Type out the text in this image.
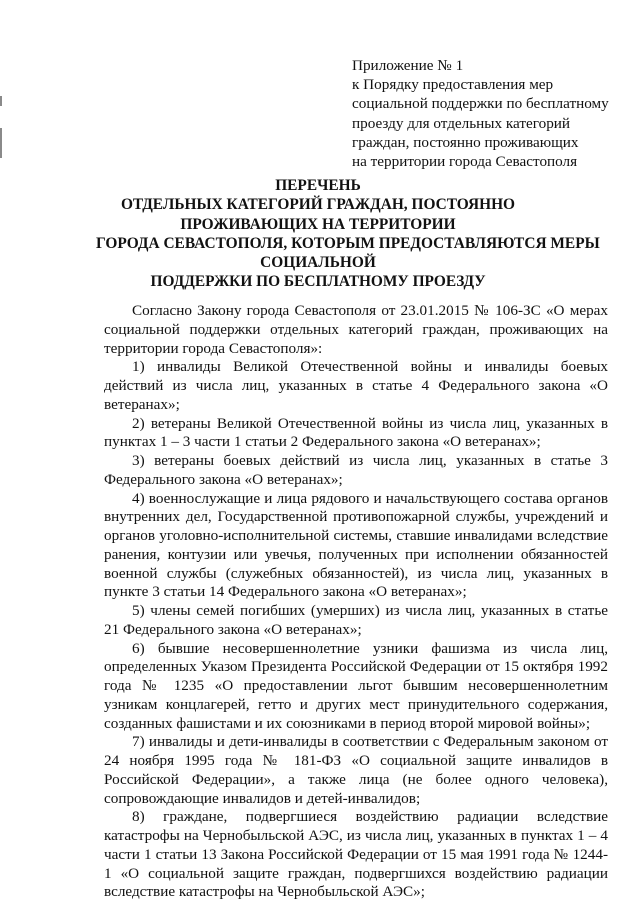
Приложение № 1
к Порядку предоставления мер
социальной поддержки по бесплатному
проезду для отдельных категорий
граждан, постоянно проживающих
на территории города Севастополя
ПЕРЕЧЕНЬ
ОТДЕЛЬНЫХ КАТЕГОРИЙ ГРАЖДАН, ПОСТОЯННО
ПРОЖИВАЮЩИХ НА ТЕРРИТОРИИ
ГОРОДА СЕВАСТОПОЛЯ, КОТОРЫМ ПРЕДОСТАВЛЯЮТСЯ МЕРЫ
СОЦИАЛЬНОЙ
ПОДДЕРЖКИ ПО БЕСПЛАТНОМУ ПРОЕЗДУ

Согласно Закону города Севастополя от 23.01.2015 № 106-ЗС «О мерах социальной поддержки отдельных категорий граждан, проживающих на территории города Севастополя»:

1) инвалиды Великой Отечественной войны и инвалиды боевых действий из числа лиц, указанных в статье 4 Федерального закона «О ветеранах»;

2) ветераны Великой Отечественной войны из числа лиц, указанных в пунктах 1 – 3 части 1 статьи 2 Федерального закона «О ветеранах»;

3) ветераны боевых действий из числа лиц, указанных в статье 3 Федерального закона «О ветеранах»;

4) военнослужащие и лица рядового и начальствующего состава органов внутренних дел, Государственной противопожарной службы, учреждений и органов уголовно-исполнительной системы, ставшие инвалидами вследствие ранения, контузии или увечья, полученных при исполнении обязанностей военной службы (служебных обязанностей), из числа лиц, указанных в пункте 3 статьи 14 Федерального закона «О ветеранах»;

5) члены семей погибших (умерших) из числа лиц, указанных в статье 21 Федерального закона «О ветеранах»;

6) бывшие несовершеннолетние узники фашизма из числа лиц, определенных Указом Президента Российской Федерации от 15 октября 1992 года № 1235 «О предоставлении льгот бывшим несовершеннолетним узникам концлагерей, гетто и других мест принудительного содержания, созданных фашистами и их союзниками в период второй мировой войны»;

7) инвалиды и дети-инвалиды в соответствии с Федеральным законом от 24 ноября 1995 года № 181-ФЗ «О социальной защите инвалидов в Российской Федерации», а также лица (не более одного человека), сопровождающие инвалидов и детей-инвалидов;

8) граждане, подвергшиеся воздействию радиации вследствие катастрофы на Чернобыльской АЭС, из числа лиц, указанных в пунктах 1 – 4 части 1 статьи 13 Закона Российской Федерации от 15 мая 1991 года № 1244-1 «О социальной защите граждан, подвергшихся воздействию радиации вследствие катастрофы на Чернобыльской АЭС»;
